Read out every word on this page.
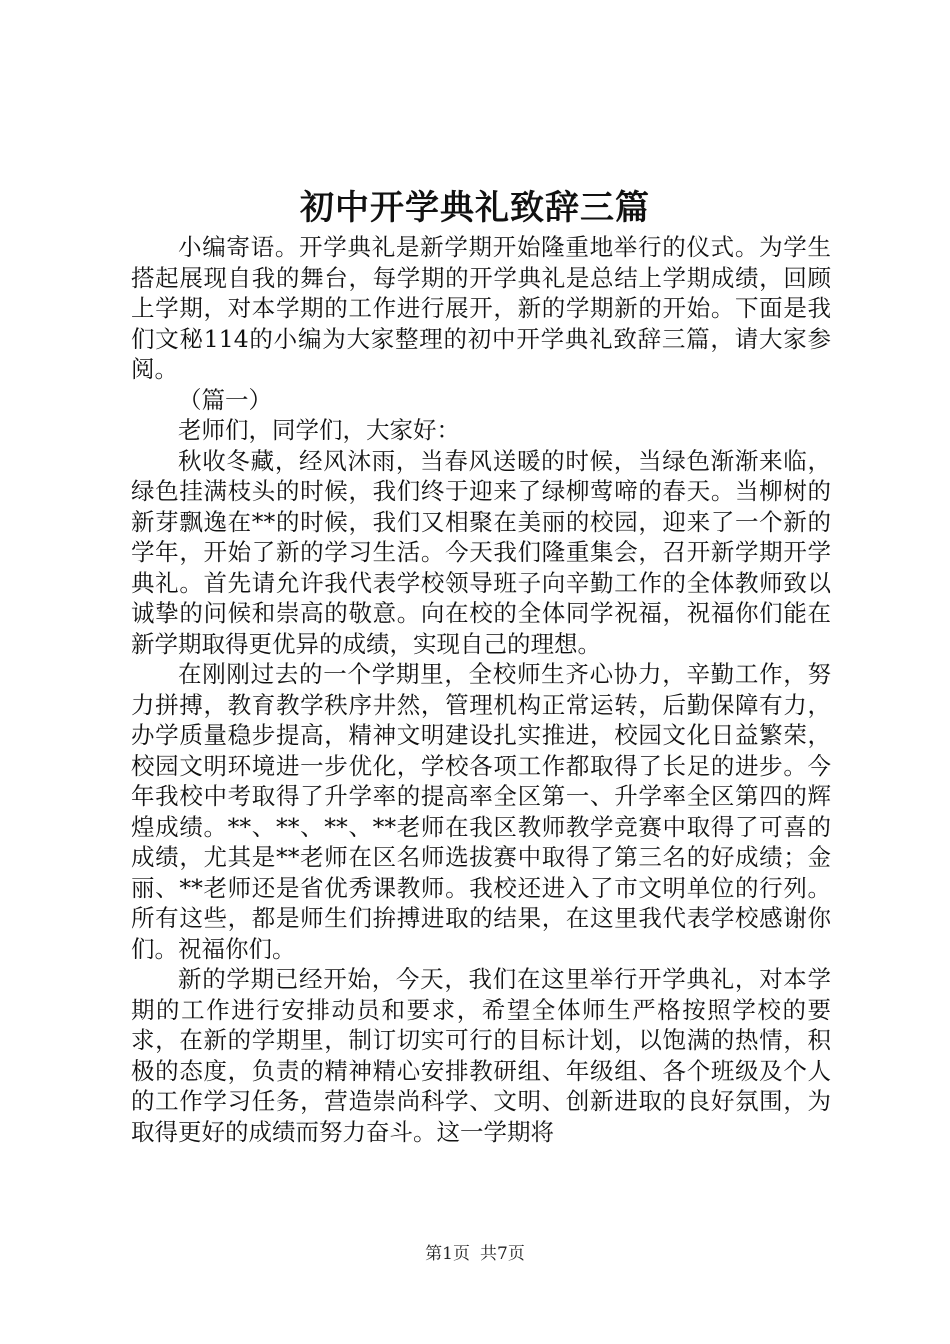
初中开学典礼致辞三篇

小编寄语。开学典礼是新学期开始隆重地举行的仪式。为学生搭起展现自我的舞台，每学期的开学典礼是总结上学期成绩，回顾上学期，对本学期的工作进行展开，新的学期新的开始。下面是我们文秘114的小编为大家整理的初中开学典礼致辞三篇，请大家参阅。

（篇一）

老师们，同学们，大家好：

秋收冬藏，经风沐雨，当春风送暖的时候，当绿色渐渐来临，绿色挂满枝头的时候，我们终于迎来了绿柳莺啼的春天。当柳树的新芽飘逸在**的时候，我们又相聚在美丽的校园，迎来了一个新的学年，开始了新的学习生活。今天我们隆重集会，召开新学期开学典礼。首先请允许我代表学校领导班子向辛勤工作的全体教师致以诚挚的问候和崇高的敬意。向在校的全体同学祝福，祝福你们能在新学期取得更优异的成绩，实现自己的理想。

在刚刚过去的一个学期里，全校师生齐心协力，辛勤工作，努力拼搏，教育教学秩序井然，管理机构正常运转，后勤保障有力，办学质量稳步提高，精神文明建设扎实推进，校园文化日益繁荣，校园文明环境进一步优化，学校各项工作都取得了长足的进步。今年我校中考取得了升学率的提高率全区第一、升学率全区第四的辉煌成绩。**、**、**、**老师在我区教师教学竞赛中取得了可喜的成绩，尤其是**老师在区名师选拔赛中取得了第三名的好成绩；金丽、**老师还是省优秀课教师。我校还进入了市文明单位的行列。所有这些，都是师生们拚搏进取的结果，在这里我代表学校感谢你们。祝福你们。

新的学期已经开始，今天，我们在这里举行开学典礼，对本学期的工作进行安排动员和要求，希望全体师生严格按照学校的要求，在新的学期里，制订切实可行的目标计划，以饱满的热情，积极的态度，负责的精神精心安排教研组、年级组、各个班级及个人的工作学习任务，营造崇尚科学、文明、创新进取的良好氛围，为取得更好的成绩而努力奋斗。这一学期将

第1页 共7页
